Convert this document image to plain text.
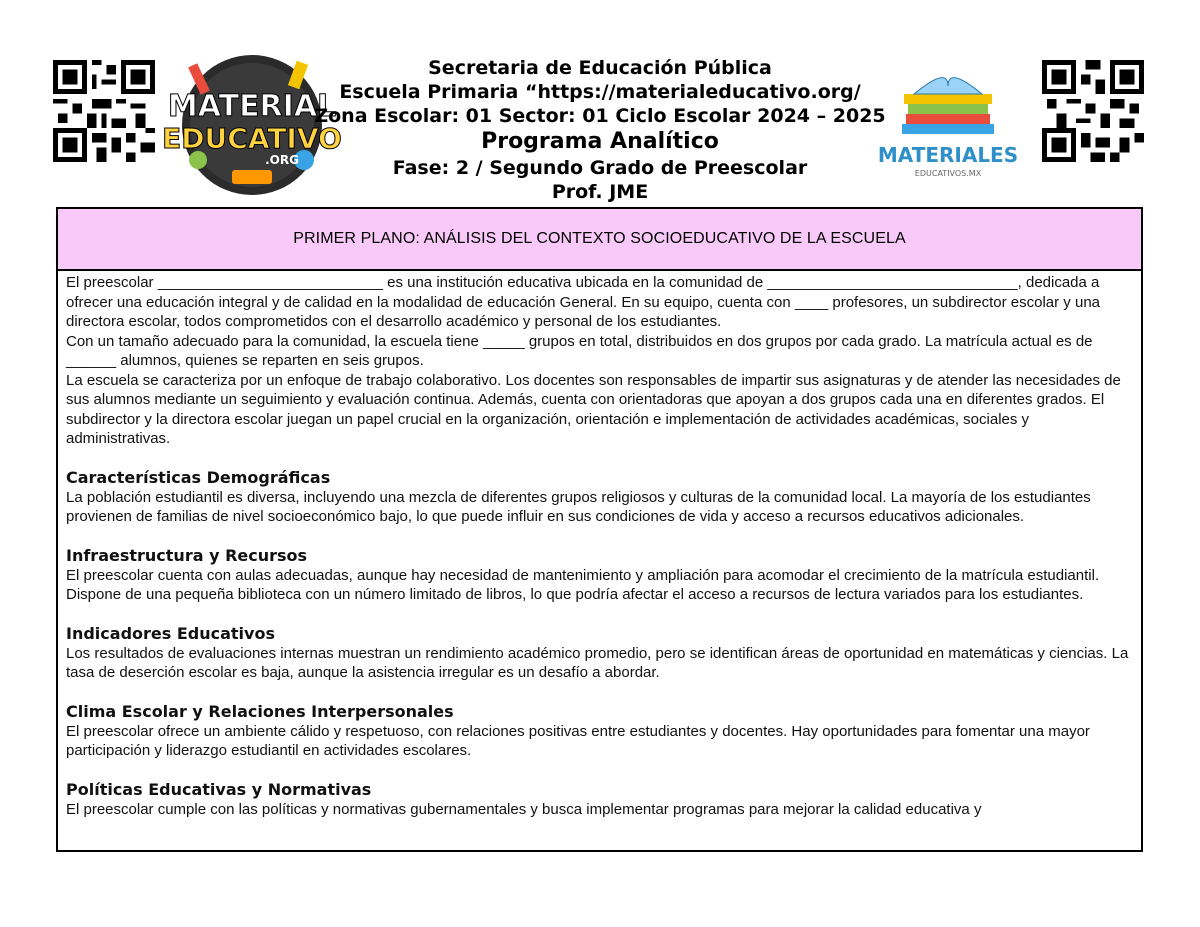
MATERIAL
EDUCATIVO
.ORG
Secretaria de Educación Pública
Escuela Primaria “https://materialeducativo.org/
Zona Escolar: 01 Sector: 01 Ciclo Escolar 2024 – 2025
Programa Analítico
Fase: 2 / Segundo Grado de Preescolar
Prof. JME
MATERIALES
EDUCATIVOS.MX
PRIMER PLANO: ANÁLISIS DEL CONTEXTO SOCIOEDUCATIVO DE LA ESCUELA

El preescolar ___________________________ es una institución educativa ubicada en la comunidad de ______________________________, dedicada a ofrecer una educación integral y de calidad en la modalidad de educación General. En su equipo, cuenta con ____ profesores, un subdirector escolar y una directora escolar, todos comprometidos con el desarrollo académico y personal de los estudiantes.

Con un tamaño adecuado para la comunidad, la escuela tiene _____ grupos en total, distribuidos en dos grupos por cada grado. La matrícula actual es de ______ alumnos, quienes se reparten en seis grupos.

La escuela se caracteriza por un enfoque de trabajo colaborativo. Los docentes son responsables de impartir sus asignaturas y de atender las necesidades de sus alumnos mediante un seguimiento y evaluación continua. Además, cuenta con orientadoras que apoyan a dos grupos cada una en diferentes grados. El subdirector y la directora escolar juegan un papel crucial en la organización, orientación e implementación de actividades académicas, sociales y administrativas.

Características Demográficas

La población estudiantil es diversa, incluyendo una mezcla de diferentes grupos religiosos y culturas de la comunidad local. La mayoría de los estudiantes provienen de familias de nivel socioeconómico bajo, lo que puede influir en sus condiciones de vida y acceso a recursos educativos adicionales.

Infraestructura y Recursos

El preescolar cuenta con aulas adecuadas, aunque hay necesidad de mantenimiento y ampliación para acomodar el crecimiento de la matrícula estudiantil. Dispone de una pequeña biblioteca con un número limitado de libros, lo que podría afectar el acceso a recursos de lectura variados para los estudiantes.

Indicadores Educativos

Los resultados de evaluaciones internas muestran un rendimiento académico promedio, pero se identifican áreas de oportunidad en matemáticas y ciencias. La tasa de deserción escolar es baja, aunque la asistencia irregular es un desafío a abordar.

Clima Escolar y Relaciones Interpersonales

El preescolar ofrece un ambiente cálido y respetuoso, con relaciones positivas entre estudiantes y docentes. Hay oportunidades para fomentar una mayor participación y liderazgo estudiantil en actividades escolares.

Políticas Educativas y Normativas

El preescolar cumple con las políticas y normativas gubernamentales y busca implementar programas para mejorar la calidad educativa y
